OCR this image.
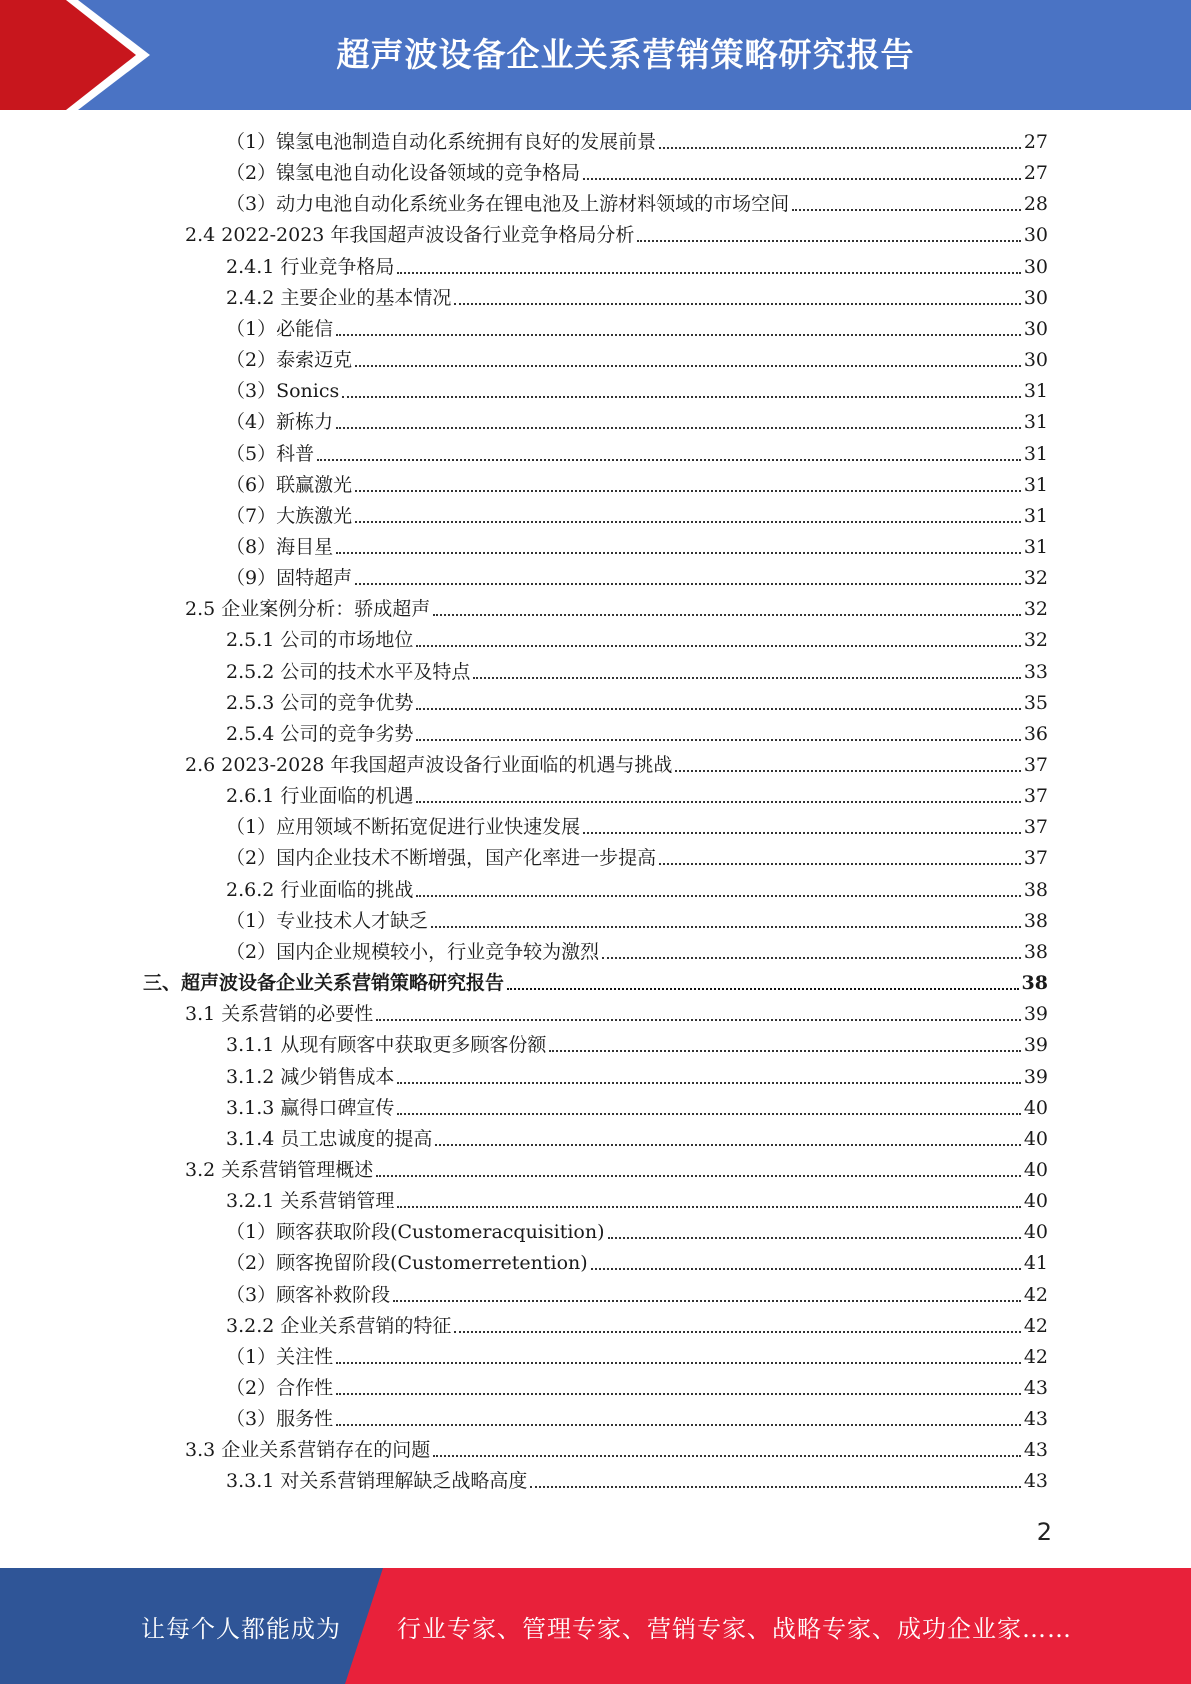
超声波设备企业关系营销策略研究报告
（1）镍氢电池制造自动化系统拥有良好的发展前景	27
（2）镍氢电池自动化设备领域的竞争格局	27
（3）动力电池自动化系统业务在锂电池及上游材料领域的市场空间	28
2.4 2022-2023 年我国超声波设备行业竞争格局分析	30
2.4.1 行业竞争格局	30
2.4.2 主要企业的基本情况	30
（1）必能信	30
（2）泰索迈克	30
（3）Sonics	31
（4）新栋力	31
（5）科普	31
（6）联赢激光	31
（7）大族激光	31
（8）海目星	31
（9）固特超声	32
2.5 企业案例分析：骄成超声	32
2.5.1 公司的市场地位	32
2.5.2 公司的技术水平及特点	33
2.5.3 公司的竞争优势	35
2.5.4 公司的竞争劣势	36
2.6 2023-2028 年我国超声波设备行业面临的机遇与挑战	37
2.6.1 行业面临的机遇	37
（1）应用领域不断拓宽促进行业快速发展	37
（2）国内企业技术不断增强，国产化率进一步提高	37
2.6.2 行业面临的挑战	38
（1）专业技术人才缺乏	38
（2）国内企业规模较小，行业竞争较为激烈	38
三、超声波设备企业关系营销策略研究报告	38
3.1 关系营销的必要性	39
3.1.1 从现有顾客中获取更多顾客份额	39
3.1.2 减少销售成本	39
3.1.3 赢得口碑宣传	40
3.1.4 员工忠诚度的提高	40
3.2 关系营销管理概述	40
3.2.1 关系营销管理	40
（1）顾客获取阶段(Customeracquisition)	40
（2）顾客挽留阶段(Customerretention)	41
（3）顾客补救阶段	42
3.2.2 企业关系营销的特征	42
（1）关注性	42
（2）合作性	43
（3）服务性	43
3.3 企业关系营销存在的问题	43
3.3.1 对关系营销理解缺乏战略高度	43
2
让每个人都能成为 行业专家、管理专家、营销专家、战略专家、成功企业家……
